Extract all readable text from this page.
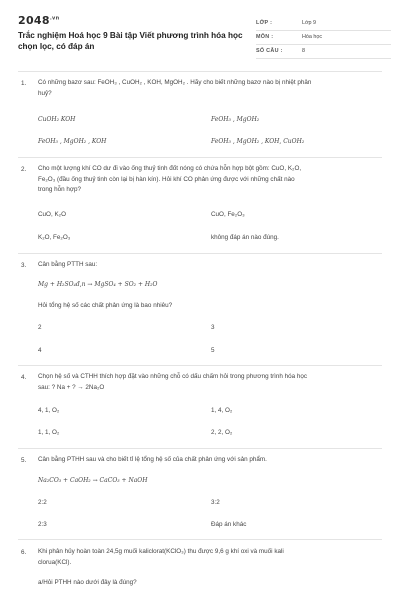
$2048^{.vn}$
Trắc nghiệm Hoá học 9 Bài tập Viết phương trình hóa học chọn lọc, có đáp án
LỚP :	Lớp 9
MÔN :	Hóa học
SỐ CÂU :	8
1. Có những bazơ sau: FeOH₃ , CuOH₂ , KOH, MgOH₂ . Hãy cho biết những bazơ nào bị nhiệt phân
huỷ?
CuOH₂ KOH	FeOH₃ , MgOH₂
FeOH₃ , MgOH₂ , KOH	FeOH₃ , MgOH₂ , KOH, CuOH₂
2. Cho một lượng khí CO dư đi vào ống thuỷ tinh đốt nóng có chứa hỗn hợp bột gồm: CuO, K₂O,
Fe₂O₃ (đầu ống thuỷ tinh còn lại bị hàn kín). Hỏi khí CO phản ứng được với những chất nào
trong hỗn hợp?
CuO, K₂O	CuO, Fe₂O₃
K₂O, Fe₂O₃	không đáp án nào đúng.
3. Cân bằng PTTH sau:
Mg + H₂SO₄đ,n → MgSO₄ + SO₂ + H₂O
Hỏi tổng hệ số các chất phản ứng là bao nhiêu?
2	3
4	5
4. Chọn hệ số và CTHH thích hợp đặt vào những chỗ có dấu chấm hỏi trong phương trình hóa học
sau: ? Na + ? → 2Na₂O
4, 1, O₂	1, 4, O₂
1, 1, O₂	2, 2, O₂
5. Cân bằng PTHH sau và cho biết tỉ lệ tổng hệ số của chất phản ứng với sản phẩm.
Na₂CO₃ + CaOH₂ → CaCO₃ + NaOH
2:2	3:2
2:3	Đáp án khác
6. Khi phân hủy hoàn toàn 24,5g muối kaliclorat(KClO₃) thu được 9,6 g khí oxi và muối kali
clorua(KCl).
a/Hỏi PTHH nào dưới đây là đúng?
